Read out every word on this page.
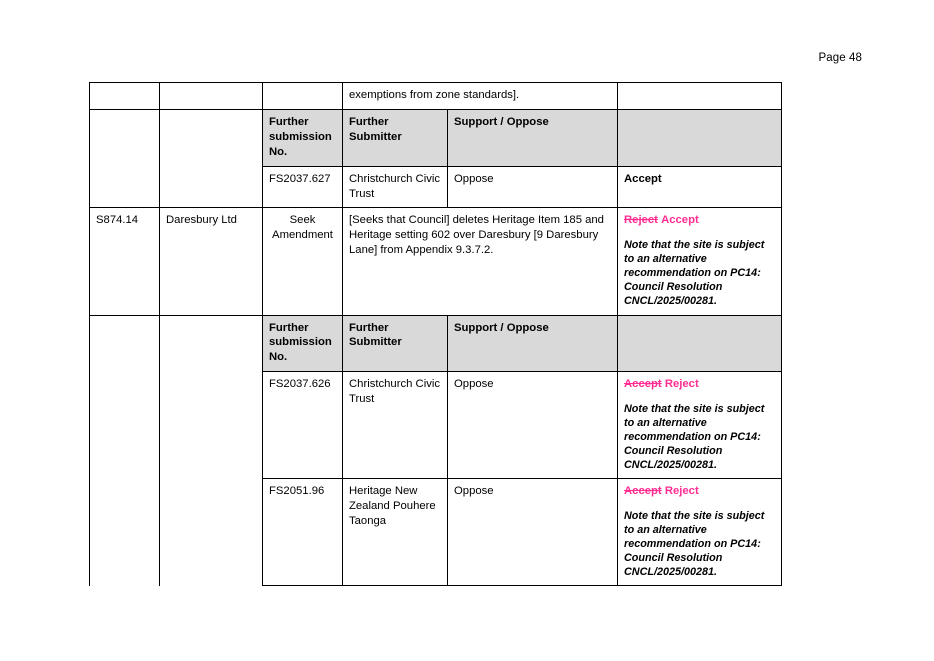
Page 48
			exemptions from zone standards].		
		Further submission No.	Further Submitter	Support / Oppose	
		FS2037.627	Christchurch Civic Trust	Oppose	Accept
S874.14	Daresbury Ltd	Seek Amendment	[Seeks that Council] deletes Heritage Item 185 and Heritage setting 602 over Daresbury [9 Daresbury Lane] from Appendix 9.3.7.2.		Reject Accept
Note that the site is subject to an alternative recommendation on PC14: Council Resolution CNCL/2025/00281.

		Further submission No.	Further Submitter	Support / Oppose	
		FS2037.626	Christchurch Civic Trust	Oppose	Accept Reject
Note that the site is subject to an alternative recommendation on PC14: Council Resolution CNCL/2025/00281.

		FS2051.96	Heritage New Zealand Pouhere Taonga	Oppose	Accept Reject
Note that the site is subject to an alternative recommendation on PC14: Council Resolution CNCL/2025/00281.
